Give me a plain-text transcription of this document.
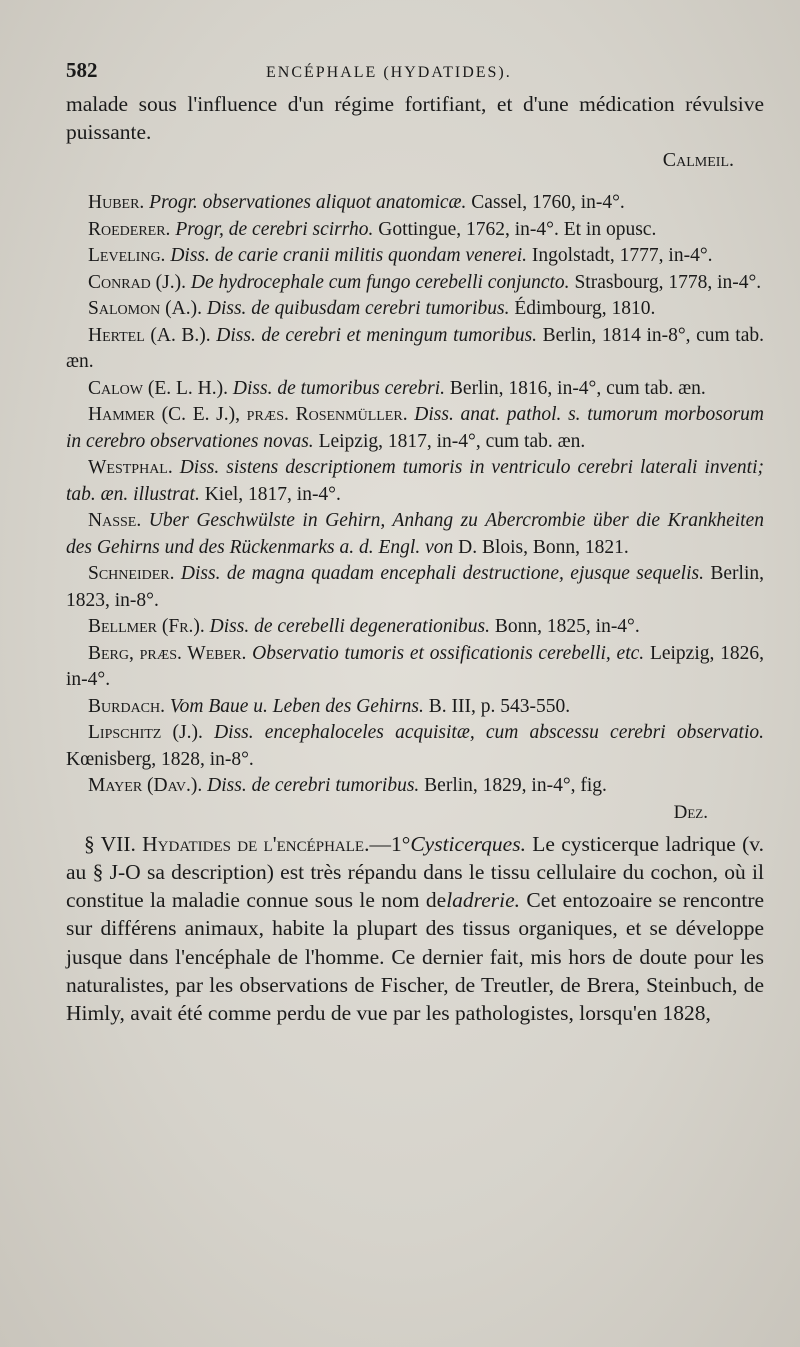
582	ENCÉPHALE (HYDATIDES).

malade sous l'influence d'un régime fortifiant, et d'une médication révulsive puissante.

Calmeil.

Huber. Progr. observationes aliquot anatomicæ. Cassel, 1760, in-4°.

Roederer. Progr, de cerebri scirrho. Gottingue, 1762, in-4°. Et in opusc.

Leveling. Diss. de carie cranii militis quondam venerei. Ingolstadt, 1777, in-4°.

Conrad (J.). De hydrocephale cum fungo cerebelli conjuncto. Strasbourg, 1778, in-4°.

Salomon (A.). Diss. de quibusdam cerebri tumoribus. Édimbourg, 1810.

Hertel (A. B.). Diss. de cerebri et meningum tumoribus. Berlin, 1814 in-8°, cum tab. æn.

Calow (E. L. H.). Diss. de tumoribus cerebri. Berlin, 1816, in-4°, cum tab. æn.

Hammer (C. E. J.), præs. Rosenmüller. Diss. anat. pathol. s. tumorum morbosorum in cerebro observationes novas. Leipzig, 1817, in-4°, cum tab. æn.

Westphal. Diss. sistens descriptionem tumoris in ventriculo cerebri laterali inventi; tab. æn. illustrat. Kiel, 1817, in-4°.

Nasse. Uber Geschwülste in Gehirn, Anhang zu Abercrombie über die Krankheiten des Gehirns und des Rückenmarks a. d. Engl. von D. Blois, Bonn, 1821.

Schneider. Diss. de magna quadam encephali destructione, ejusque sequelis. Berlin, 1823, in-8°.

Bellmer (Fr.). Diss. de cerebelli degenerationibus. Bonn, 1825, in-4°.

Berg, præs. Weber. Observatio tumoris et ossificationis cerebelli, etc. Leipzig, 1826, in-4°.

Burdach. Vom Baue u. Leben des Gehirns. B. III, p. 543-550.

Lipschitz (J.). Diss. encephaloceles acquisitæ, cum abscessu cerebri observatio. Kœnisberg, 1828, in-8°.

Mayer (Dav.). Diss. de cerebri tumoribus. Berlin, 1829, in-4°, fig.

Dez.

§ VII. Hydatides de l'encéphale.—1°Cysticerques. Le cysticerque ladrique (v. au § J-O sa description) est très répandu dans le tissu cellulaire du cochon, où il constitue la maladie connue sous le nom deladrerie. Cet entozoaire se rencontre sur différens animaux, habite la plupart des tissus organiques, et se développe jusque dans l'encéphale de l'homme. Ce dernier fait, mis hors de doute pour les naturalistes, par les observations de Fischer, de Treutler, de Brera, Steinbuch, de Himly, avait été comme perdu de vue par les pathologistes, lorsqu'en 1828,
